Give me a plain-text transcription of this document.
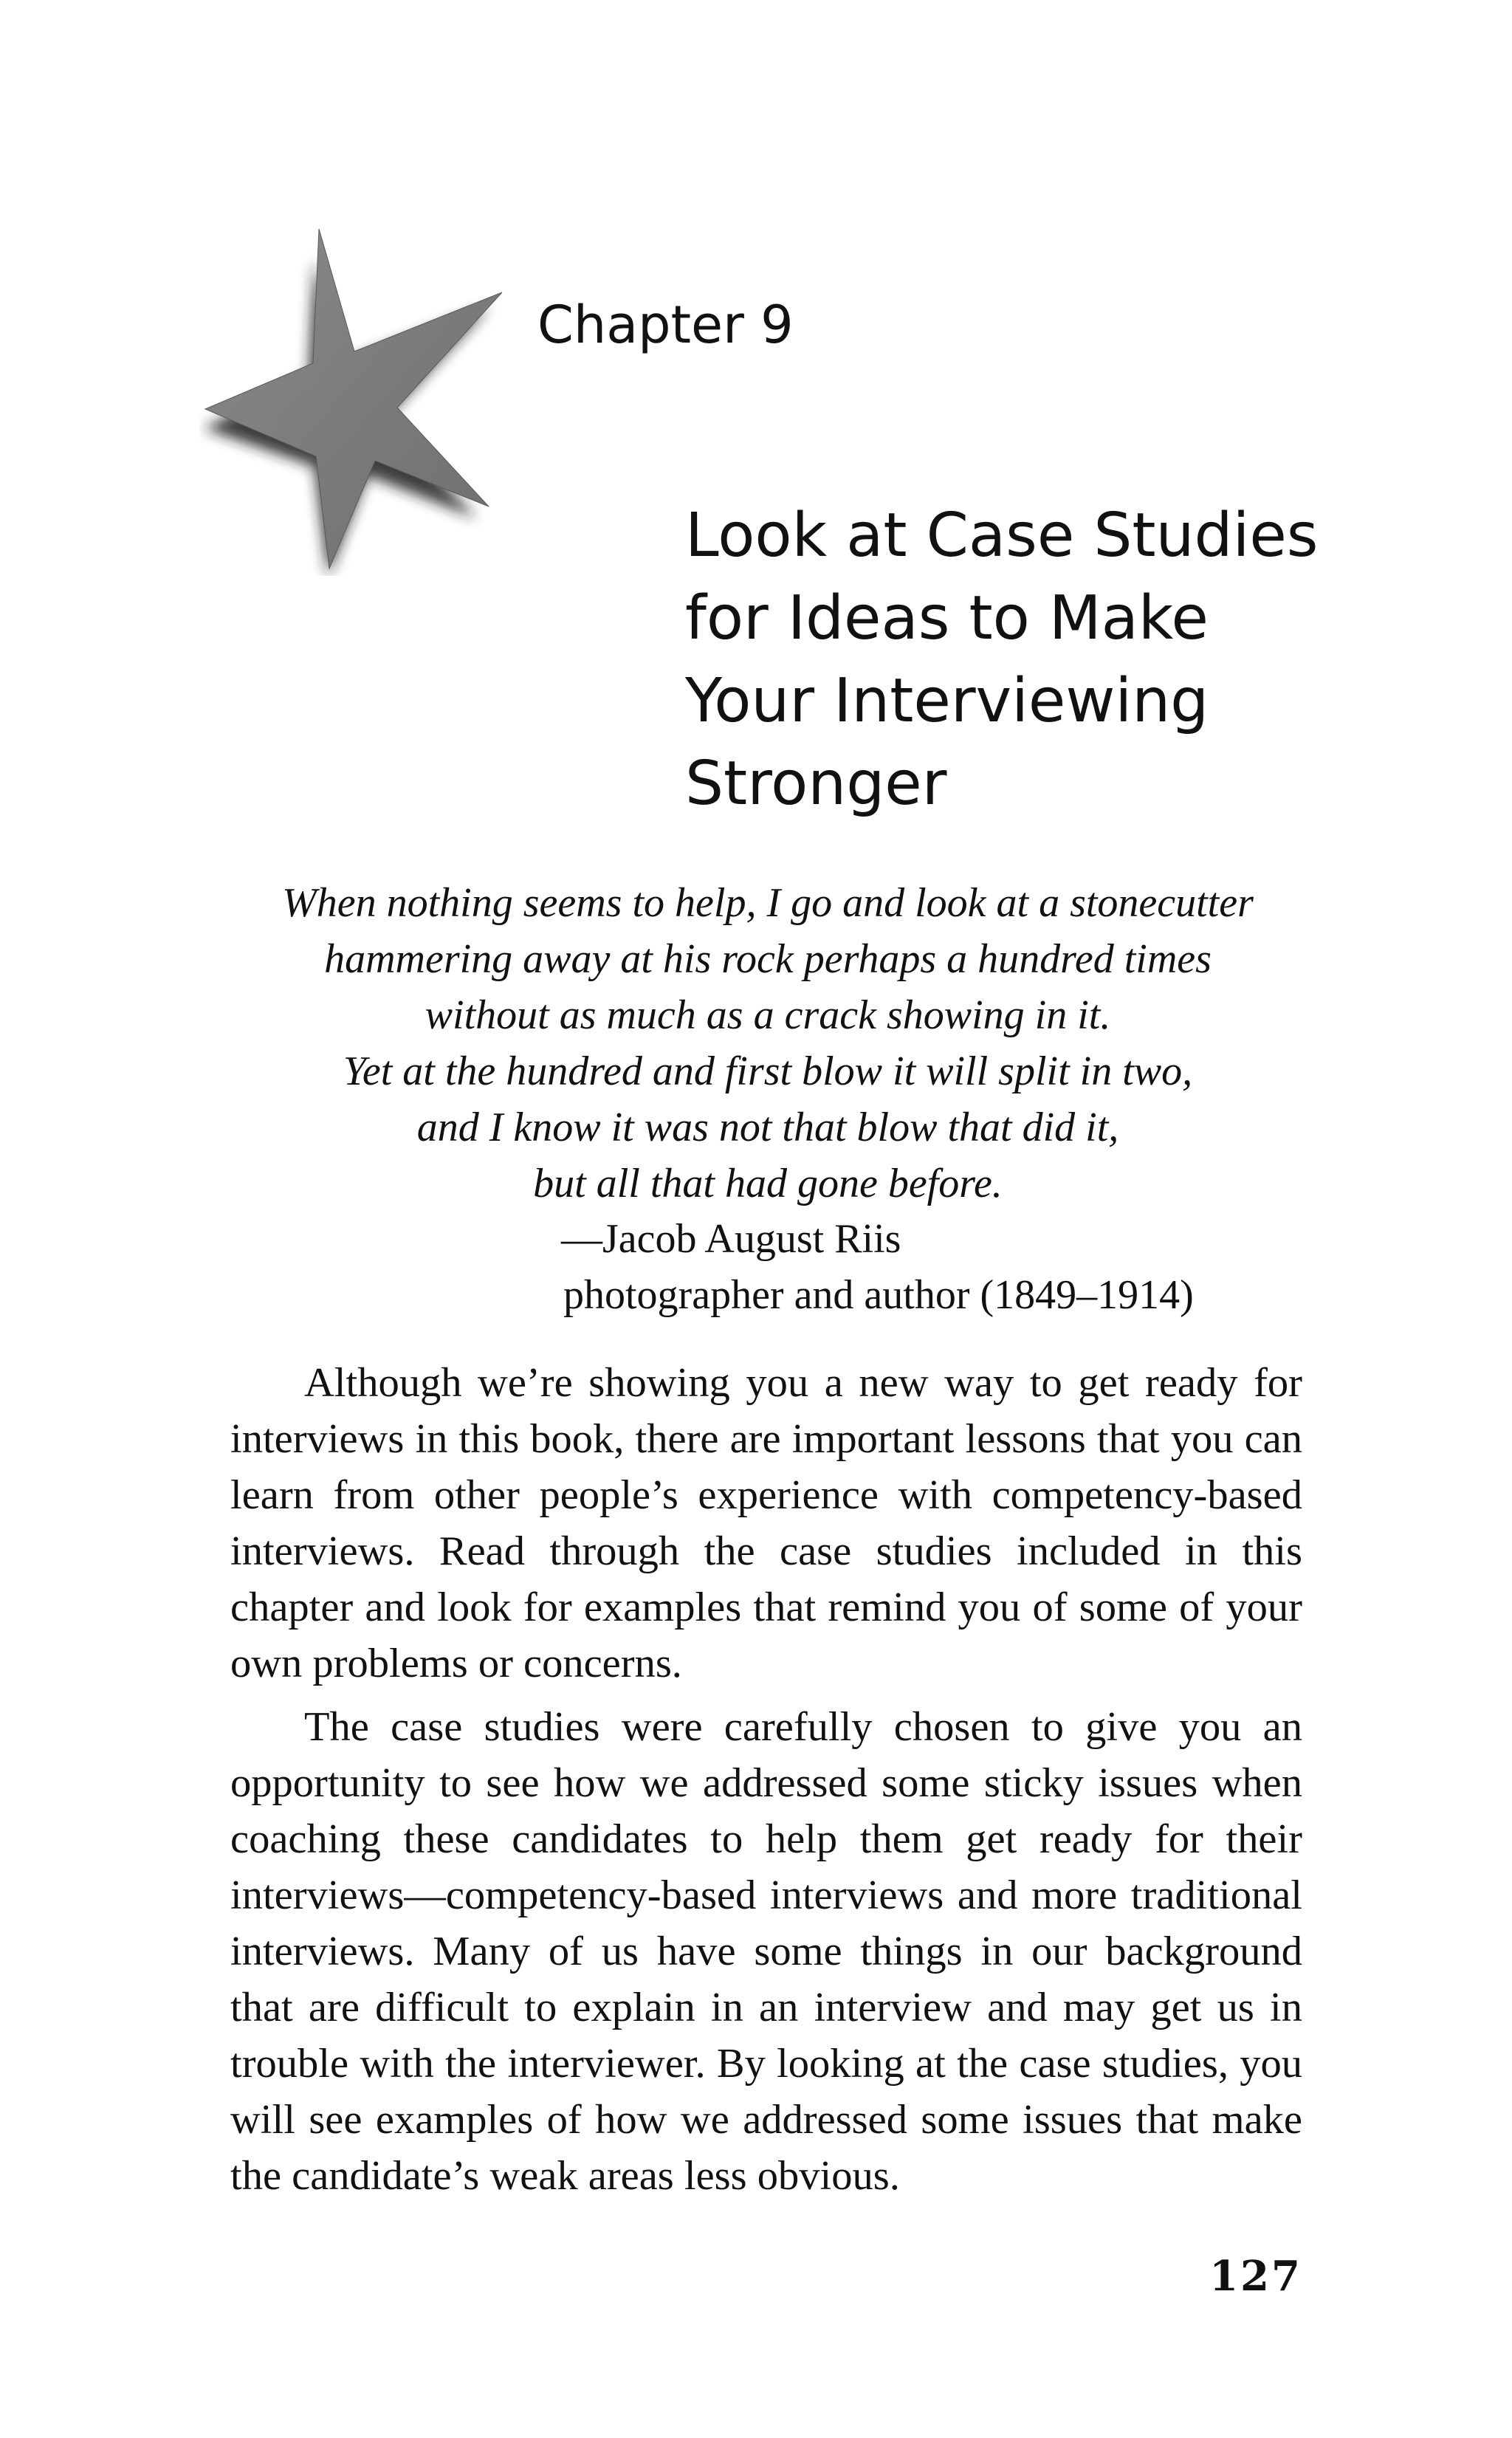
Chapter 9
Look at Case Studies
for Ideas to Make
Your Interviewing
Stronger
When nothing seems to help, I go and look at a stonecutter
hammering away at his rock perhaps a hundred times
without as much as a crack showing in it.
Yet at the hundred and first blow it will split in two,
and I know it was not that blow that did it,
but all that had gone before.
—Jacob August Riis
photographer and author (1849–1914)

Although we’re showing you a new way to get ready for interviews in this book, there are important lessons that you can learn from other people’s experience with competency-based interviews. Read through the case studies included in this chapter and look for examples that remind you of some of your own problems or concerns.

The case studies were carefully chosen to give you an opportunity to see how we addressed some sticky issues when coaching these candidates to help them get ready for their interviews—competency-based interviews and more traditional interviews. Many of us have some things in our background that are difficult to explain in an interview and may get us in trouble with the interviewer. By looking at the case studies, you will see examples of how we addressed some issues that make the candidate’s weak areas less obvious.

127
